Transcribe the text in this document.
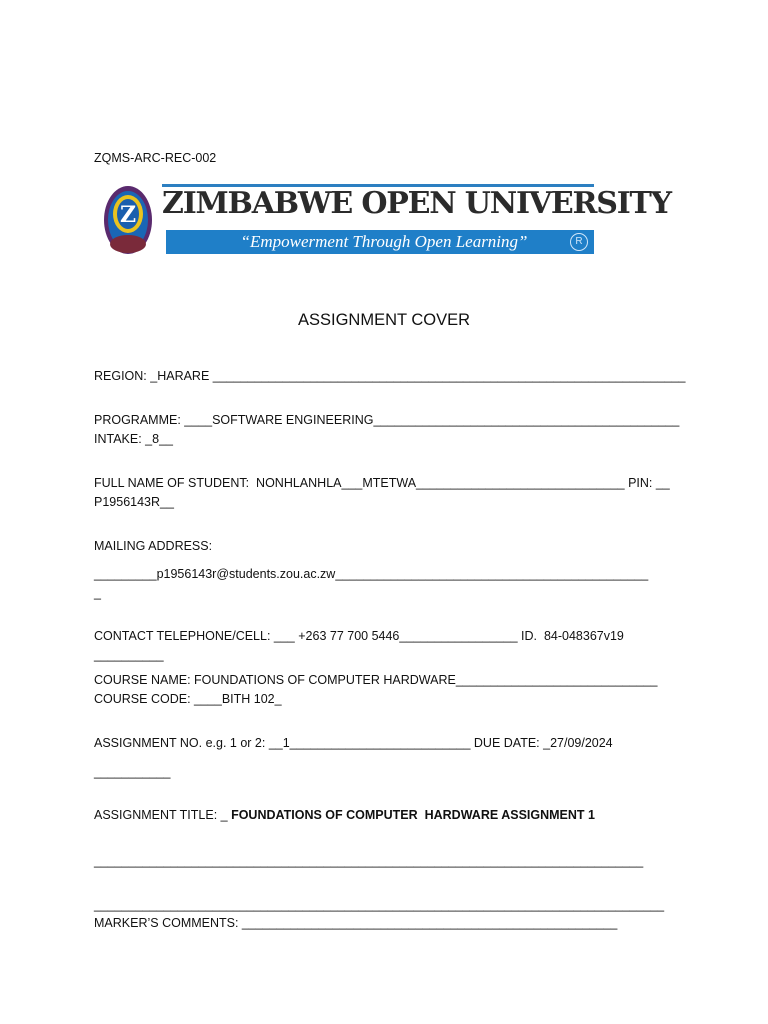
ZQMS-ARC-REC-002
Z ZIMBABWE OPEN UNIVERSITY
“Empowerment Through Open Learning”	R
ASSIGNMENT COVER
REGION: _HARARE ____________________________________________________________________
PROGRAMME: ____SOFTWARE ENGINEERING____________________________________________
INTAKE: _8__
FULL NAME OF STUDENT:  NONHLANHLA___MTETWA______________________________ PIN: __
P1956143R__
MAILING ADDRESS:
_________p1956143r@students.zou.ac.zw_____________________________________________
_
CONTACT TELEPHONE/CELL: ___ +263 77 700 5446_________________ ID.  84-048367v19
__________
COURSE NAME: FOUNDATIONS OF COMPUTER HARDWARE_____________________________
COURSE CODE: ____BITH 102_
ASSIGNMENT NO. e.g. 1 or 2: __1__________________________ DUE DATE: _27/09/2024
___________
ASSIGNMENT TITLE: _ FOUNDATIONS OF COMPUTER  HARDWARE ASSIGNMENT 1
_______________________________________________________________________________
__________________________________________________________________________________
MARKER’S COMMENTS: ______________________________________________________
